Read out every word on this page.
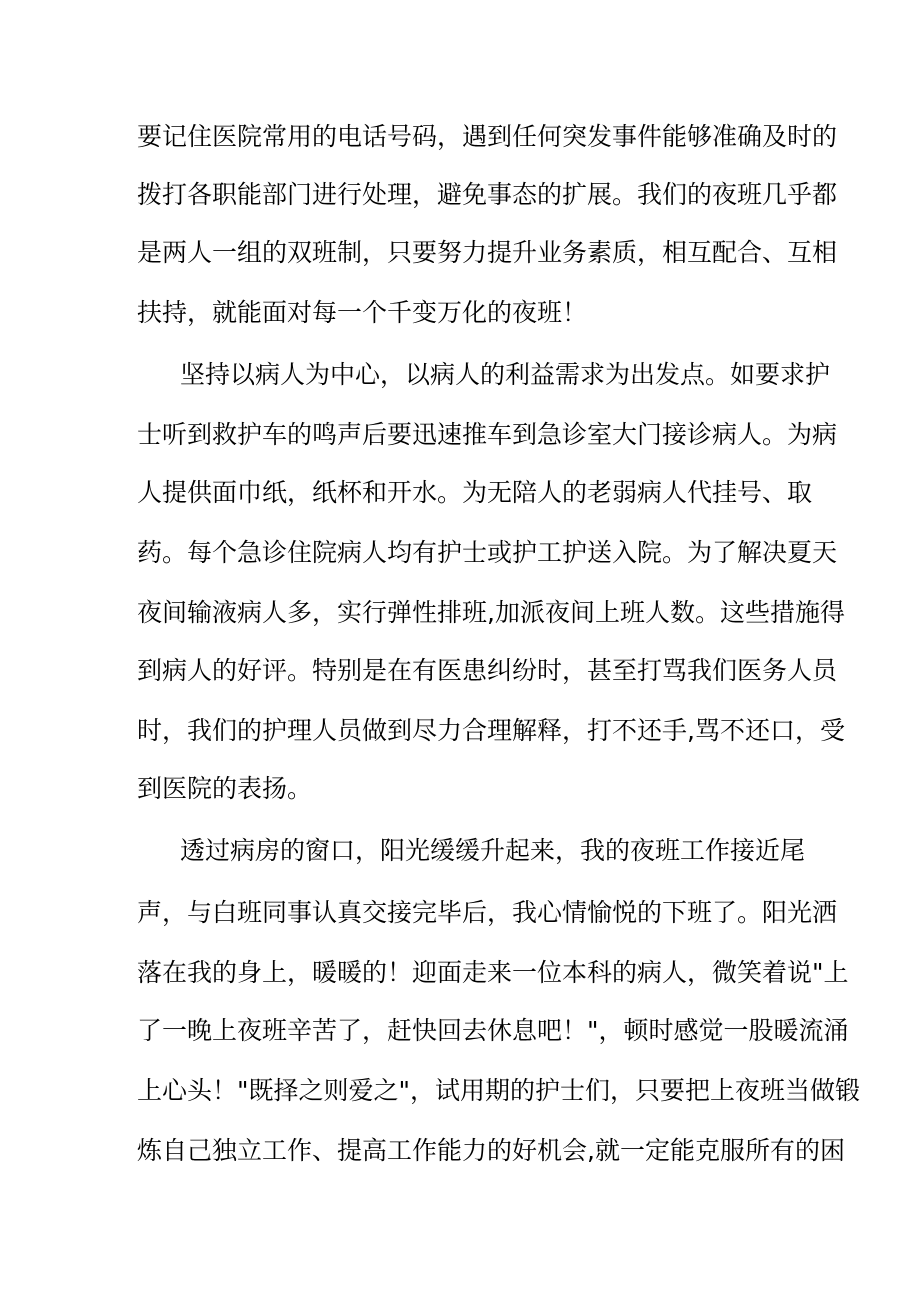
要记住医院常用的电话号码，遇到任何突发事件能够准确及时的
拨打各职能部门进行处理，避免事态的扩展。我们的夜班几乎都
是两人一组的双班制，只要努力提升业务素质，相互配合、互相
扶持，就能面对每一个千变万化的夜班！
坚持以病人为中心，以病人的利益需求为出发点。如要求护
士听到救护车的鸣声后要迅速推车到急诊室大门接诊病人。为病
人提供面巾纸，纸杯和开水。为无陪人的老弱病人代挂号、取
药。每个急诊住院病人均有护士或护工护送入院。为了解决夏天
夜间输液病人多，实行弹性排班,加派夜间上班人数。这些措施得
到病人的好评。特别是在有医患纠纷时，甚至打骂我们医务人员
时，我们的护理人员做到尽力合理解释，打不还手,骂不还口，受
到医院的表扬。
透过病房的窗口，阳光缓缓升起来，我的夜班工作接近尾
声，与白班同事认真交接完毕后，我心情愉悦的下班了。阳光洒
落在我的身上，暖暖的！迎面走来一位本科的病人，微笑着说"上
了一晚上夜班辛苦了，赶快回去休息吧！"，顿时感觉一股暖流涌
上心头！"既择之则爱之"，试用期的护士们，只要把上夜班当做锻
炼自己独立工作、提高工作能力的好机会,就一定能克服所有的困
